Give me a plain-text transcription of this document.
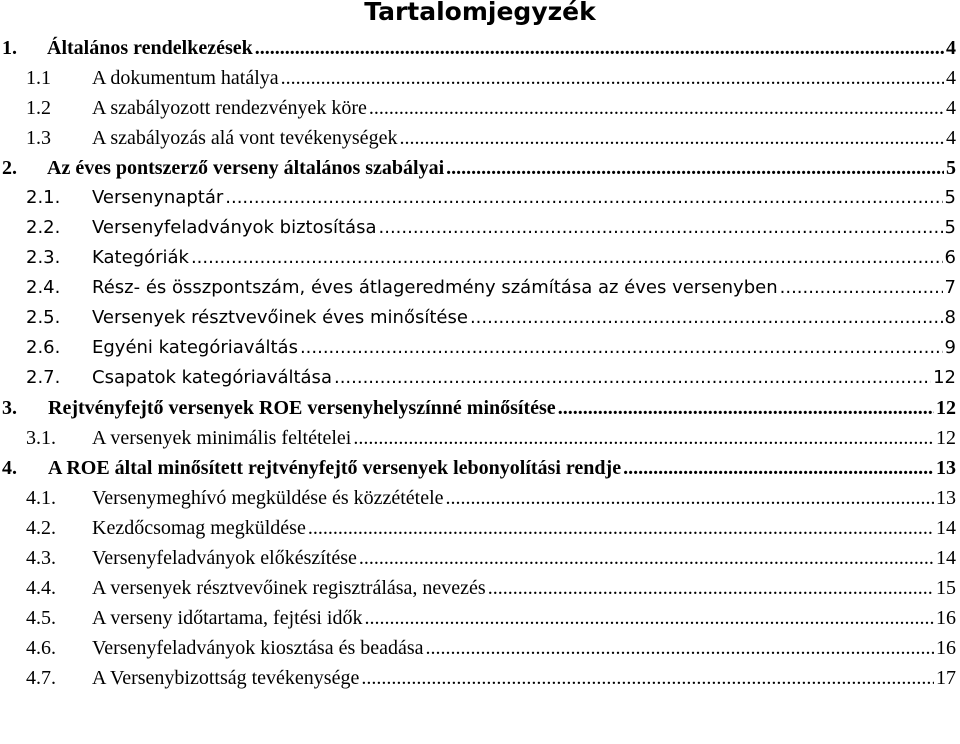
Tartalomjegyzék
1.	Általános rendelkezések .....	4
1.1	A dokumentum hatálya .....	4
1.2	A szabályozott rendezvények köre .....	4
1.3	A szabályozás alá vont tevékenységek .....	4
2.	Az éves pontszerző verseny általános szabályai .....	5
2.1.	Versenynaptár .....	5
2.2.	Versenyfeladványok biztosítása .....	5
2.3.	Kategóriák .....	6
2.4.	Rész- és összpontszám, éves átlageredmény számítása az éves versenyben .....	7
2.5.	Versenyek résztvevőinek éves minősítése .....	8
2.6.	Egyéni kategóriaváltás .....	9
2.7.	Csapatok kategóriaváltása .....	12
3.	Rejtvényfejtő versenyek ROE versenyhelyszínné minősítése .....	12
3.1.	A versenyek minimális feltételei .....	12
4.	A ROE által minősített rejtvényfejtő versenyek lebonyolítási rendje .....	13
4.1.	Versenymeghívó megküldése és közzététele .....	13
4.2.	Kezdőcsomag megküldése .....	14
4.3.	Versenyfeladványok előkészítése .....	14
4.4.	A versenyek résztvevőinek regisztrálása, nevezés .....	15
4.5.	A verseny időtartama, fejtési idők .....	16
4.6.	Versenyfeladványok kiosztása és beadása .....	16
4.7.	A Versenybizottság tevékenysége .....	17
